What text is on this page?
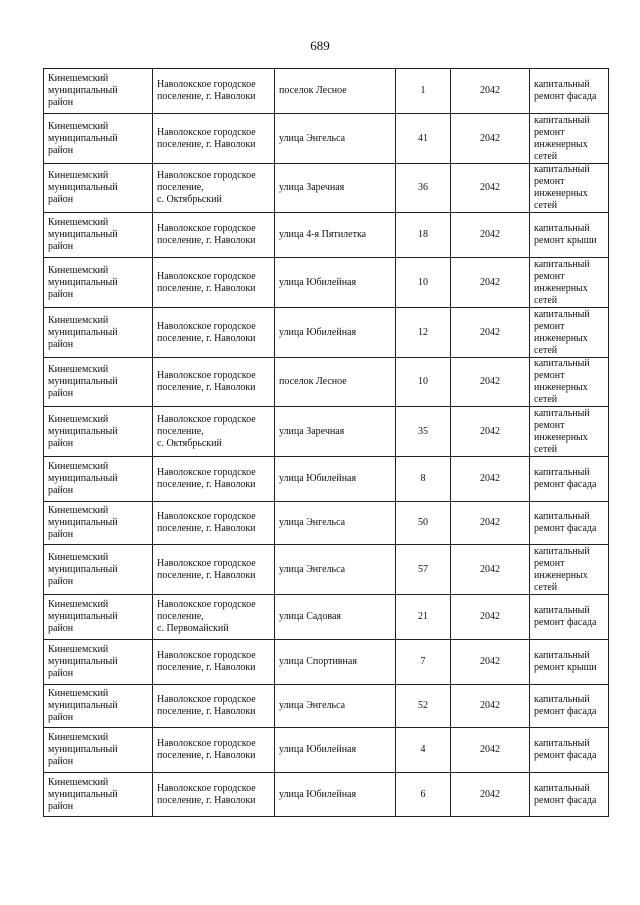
689
Кинешемский
муниципальный
район	Наволокское городское
поселение, г. Наволоки	поселок Лесное	1	2042	капитальный
ремонт фасада

Кинешемский
муниципальный
район	Наволокское городское
поселение, г. Наволоки	улица Энгельса	41	2042	капитальный
ремонт
инженерных
сетей

Кинешемский
муниципальный
район	Наволокское городское
поселение,
с. Октябрьский	улица Заречная	36	2042	капитальный
ремонт
инженерных
сетей

Кинешемский
муниципальный
район	Наволокское городское
поселение, г. Наволоки	улица 4-я Пятилетка	18	2042	капитальный
ремонт крыши

Кинешемский
муниципальный
район	Наволокское городское
поселение, г. Наволоки	улица Юбилейная	10	2042	капитальный
ремонт
инженерных
сетей

Кинешемский
муниципальный
район	Наволокское городское
поселение, г. Наволоки	улица Юбилейная	12	2042	капитальный
ремонт
инженерных
сетей

Кинешемский
муниципальный
район	Наволокское городское
поселение, г. Наволоки	поселок Лесное	10	2042	капитальный
ремонт
инженерных
сетей

Кинешемский
муниципальный
район	Наволокское городское
поселение,
с. Октябрьский	улица Заречная	35	2042	капитальный
ремонт
инженерных
сетей

Кинешемский
муниципальный
район	Наволокское городское
поселение, г. Наволоки	улица Юбилейная	8	2042	капитальный
ремонт фасада

Кинешемский
муниципальный
район	Наволокское городское
поселение, г. Наволоки	улица Энгельса	50	2042	капитальный
ремонт фасада

Кинешемский
муниципальный
район	Наволокское городское
поселение, г. Наволоки	улица Энгельса	57	2042	капитальный
ремонт
инженерных
сетей

Кинешемский
муниципальный
район	Наволокское городское
поселение,
с. Первомайский	улица Садовая	21	2042	капитальный
ремонт фасада

Кинешемский
муниципальный
район	Наволокское городское
поселение, г. Наволоки	улица Спортивная	7	2042	капитальный
ремонт крыши

Кинешемский
муниципальный
район	Наволокское городское
поселение, г. Наволоки	улица Энгельса	52	2042	капитальный
ремонт фасада

Кинешемский
муниципальный
район	Наволокское городское
поселение, г. Наволоки	улица Юбилейная	4	2042	капитальный
ремонт фасада

Кинешемский
муниципальный
район	Наволокское городское
поселение, г. Наволоки	улица Юбилейная	6	2042	капитальный
ремонт фасада
